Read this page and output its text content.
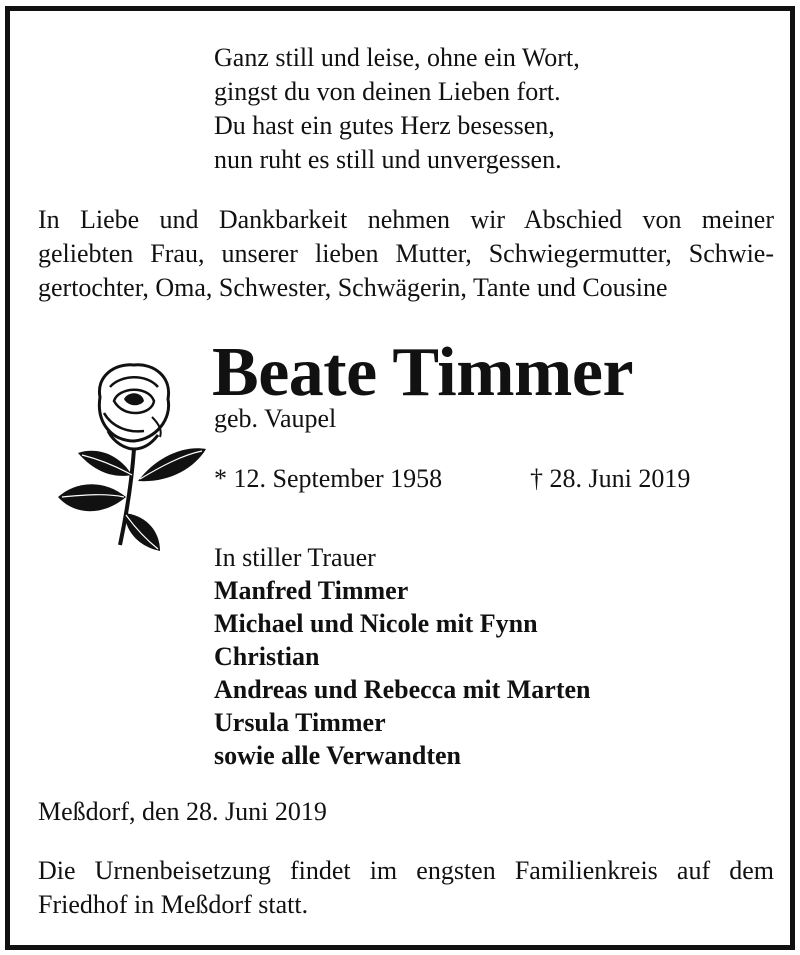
Ganz still und leise, ohne ein Wort,
gingst du von deinen Lieben fort.
Du hast ein gutes Herz besessen,
nun ruht es still und unvergessen.
In Liebe und Dankbarkeit nehmen wir Abschied von meiner
geliebten Frau, unserer lieben Mutter, Schwiegermutter, Schwie-
gertochter, Oma, Schwester, Schwägerin, Tante und Cousine
Beate Timmer
geb. Vaupel
* 12. September 1958	† 28. Juni 2019
In stiller Trauer
Manfred Timmer
Michael und Nicole mit Fynn
Christian
Andreas und Rebecca mit Marten
Ursula Timmer
sowie alle Verwandten
Meßdorf, den 28. Juni 2019
Die Urnenbeisetzung findet im engsten Familienkreis auf dem
Friedhof in Meßdorf statt.
